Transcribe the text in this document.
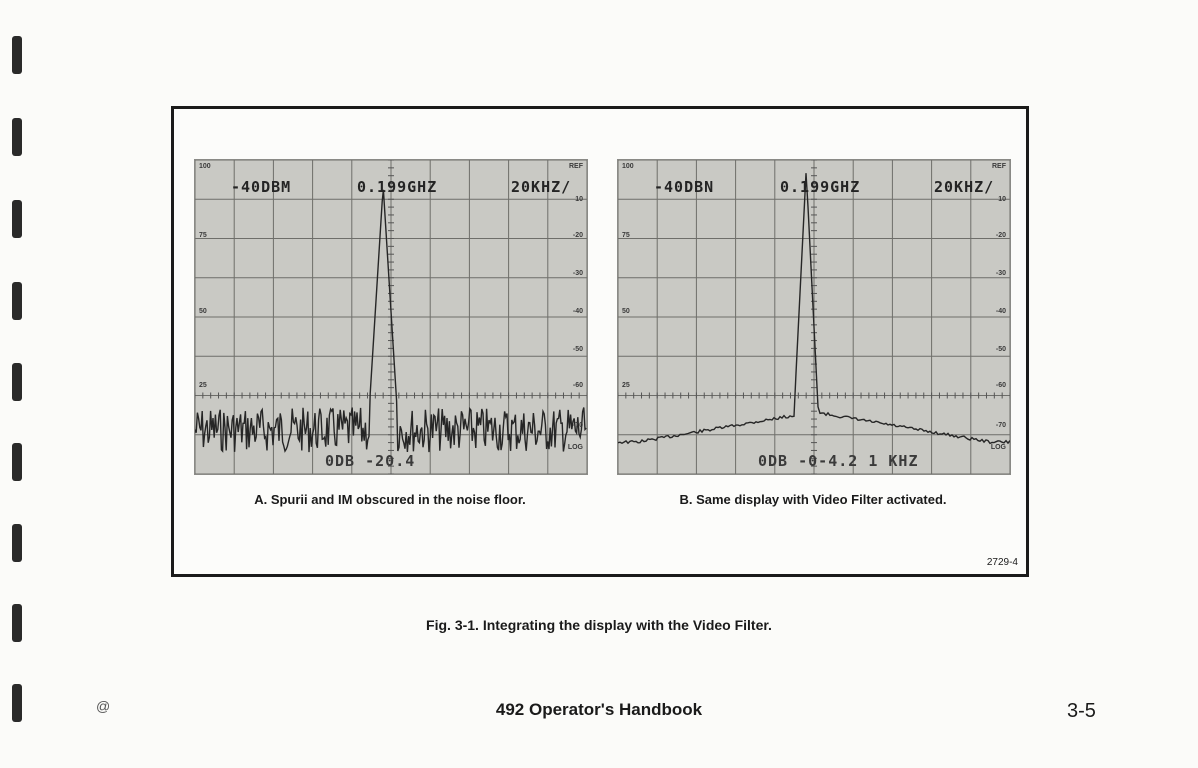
-40DBM	0.199GHZ	20KHZ/
0DB -20.4
100
75
50
25
REF
10
-20
-30
-40
-50
-60
-70
LOG
-40DBN	0.199GHZ	20KHZ/
0DB -0-4.2 1 KHZ
100
75
50
25
REF
10
-20
-30
-40
-50
-60
-70
LOG
A. Spurii and IM obscured in the noise floor.	B. Same display with Video Filter activated.
2729-4
Fig. 3-1. Integrating the display with the Video Filter.
@	492 Operator's Handbook	3-5
